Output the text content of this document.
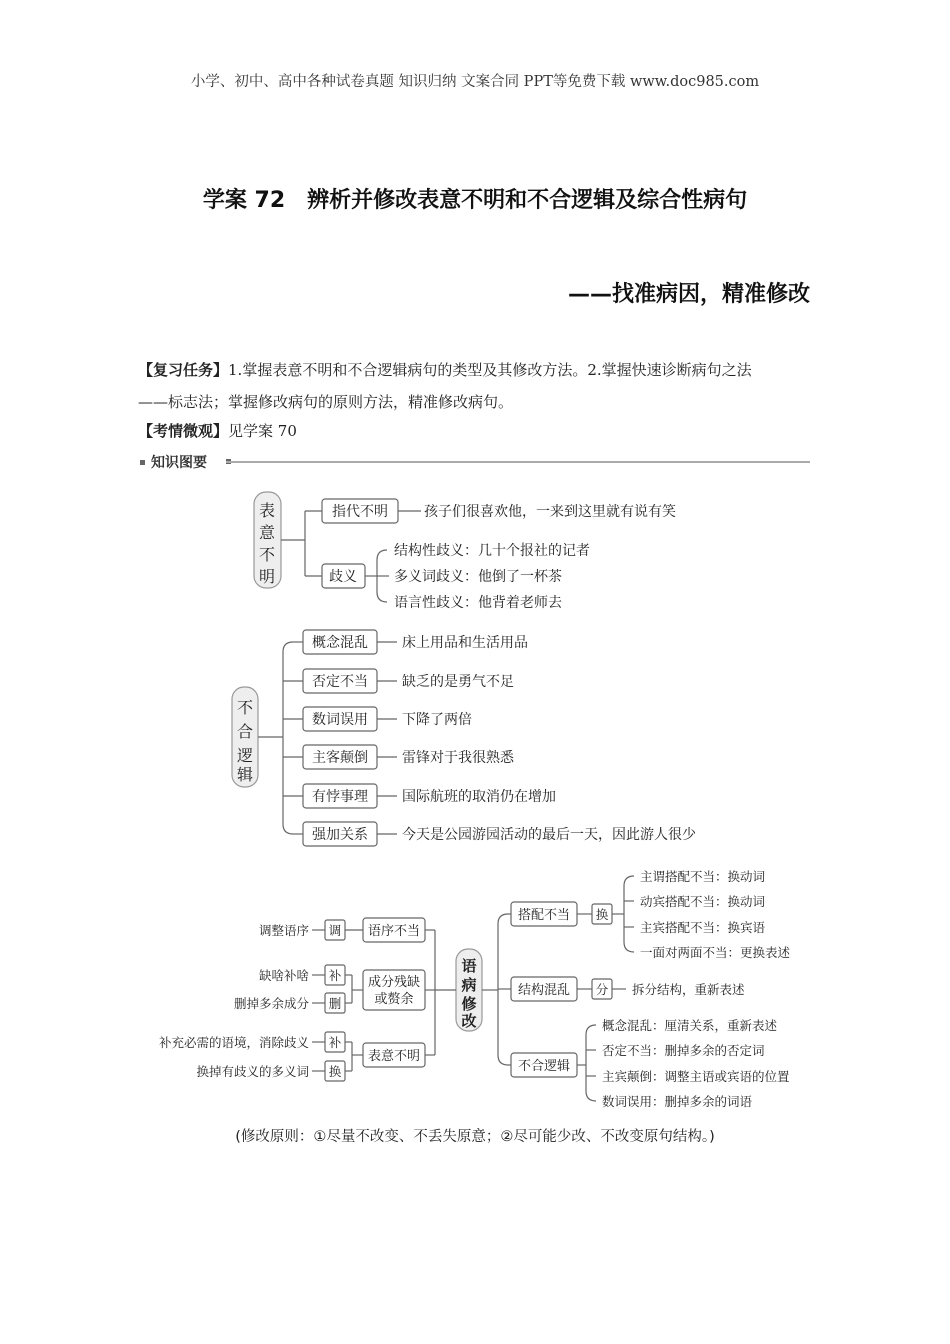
小学、初中、高中各种试卷真题 知识归纳 文案合同 PPT等免费下载 www.doc985.com
学案 72　辨析并修改表意不明和不合逻辑及综合性病句
——找准病因，精准修改
【复习任务】1.掌握表意不明和不合逻辑病句的类型及其修改方法。2.掌握快速诊断病句之法
——标志法；掌握修改病句的原则方法，精准修改病句。
【考情微观】见学案 70
知识图要
表
意
不
明
指代不明	孩子们很喜欢他，一来到这里就有说有笑
歧义
结构性歧义：几十个报社的记者
多义词歧义：他倒了一杯茶
语言性歧义：他背着老师去
不
合
逻
辑
概念混乱
否定不当
数词误用
主客颠倒
有悖事理
强加关系
床上用品和生活用品
缺乏的是勇气不足
下降了两倍
雷锋对于我很熟悉
国际航班的取消仍在增加
今天是公园游园活动的最后一天，因此游人很少
语
病
修
改
语序不当
成分残缺
或赘余
表意不明
调
补
删
补
换
调整语序
缺啥补啥
删掉多余成分
补充必需的语境，消除歧义
换掉有歧义的多义词
搭配不当
结构混乱
不合逻辑
换
分
主谓搭配不当：换动词
动宾搭配不当：换动词
主宾搭配不当：换宾语
一面对两面不当：更换表述
拆分结构，重新表述
概念混乱：厘清关系，重新表述
否定不当：删掉多余的否定词
主宾颠倒：调整主语或宾语的位置
数词误用：删掉多余的词语
(修改原则：①尽量不改变、不丢失原意；②尽可能少改、不改变原句结构。)
